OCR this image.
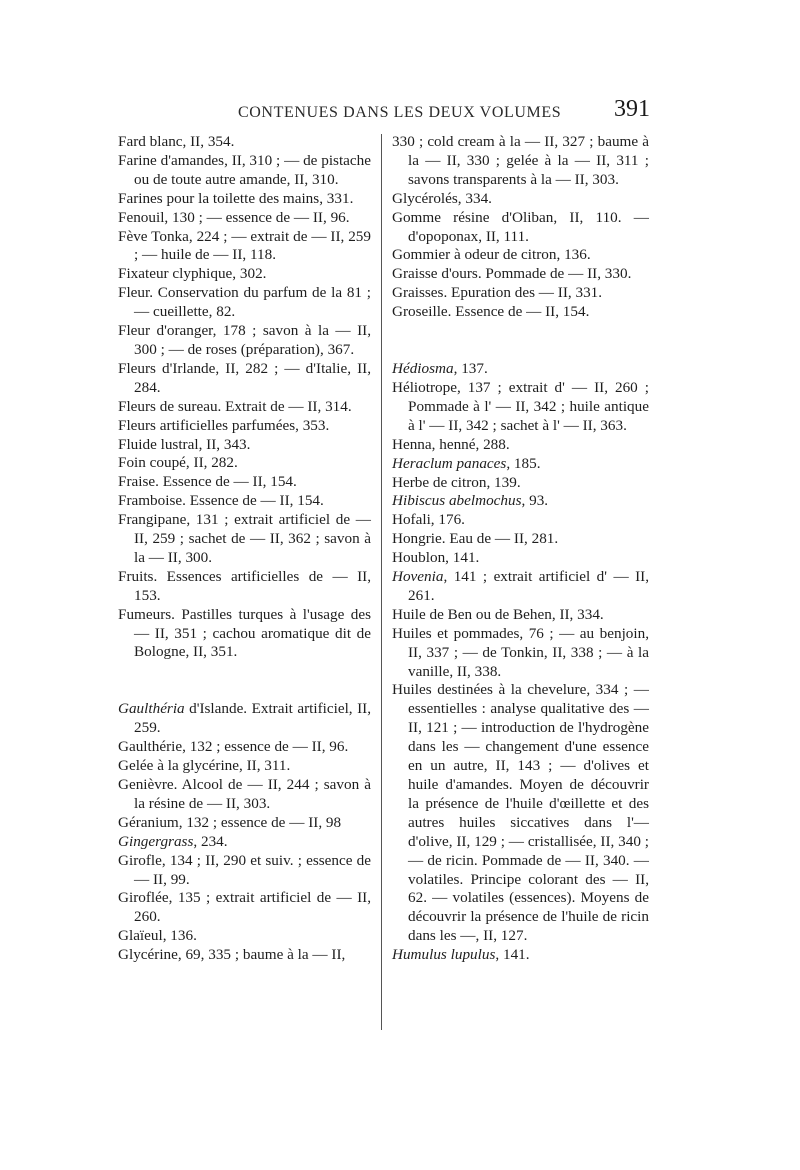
CONTENUES DANS LES DEUX VOLUMES 391

Fard blanc, II, 354.

Farine d'amandes, II, 310 ; — de pistache ou de toute autre amande, II, 310.

Farines pour la toilette des mains, 331.

Fenouil, 130 ; — essence de — II, 96.

Fève Tonka, 224 ; — extrait de — II, 259 ; — huile de — II, 118.

Fixateur clyphique, 302.

Fleur. Conservation du parfum de la 81 ; — cueillette, 82.

Fleur d'oranger, 178 ; savon à la — II, 300 ; — de roses (préparation), 367.

Fleurs d'Irlande, II, 282 ; — d'Italie, II, 284.

Fleurs de sureau. Extrait de — II, 314.

Fleurs artificielles parfumées, 353.

Fluide lustral, II, 343.

Foin coupé, II, 282.

Fraise. Essence de — II, 154.

Framboise. Essence de — II, 154.

Frangipane, 131 ; extrait artificiel de — II, 259 ; sachet de — II, 362 ; savon à la — II, 300.

Fruits. Essences artificielles de — II, 153.

Fumeurs. Pastilles turques à l'usage des — II, 351 ; cachou aromatique dit de Bologne, II, 351.

Gaulthéria d'Islande. Extrait artificiel, II, 259.

Gaulthérie, 132 ; essence de — II, 96.

Gelée à la glycérine, II, 311.

Genièvre. Alcool de — II, 244 ; savon à la résine de — II, 303.

Géranium, 132 ; essence de — II, 98

Gingergrass, 234.

Girofle, 134 ; II, 290 et suiv. ; essence de — II, 99.

Giroflée, 135 ; extrait artificiel de — II, 260.

Glaïeul, 136.

Glycérine, 69, 335 ; baume à la — II,

330 ; cold cream à la — II, 327 ; baume à la — II, 330 ; gelée à la — II, 311 ; savons transparents à la — II, 303.

Glycérolés, 334.

Gomme résine d'Oliban, II, 110. — d'opoponax, II, 111.

Gommier à odeur de citron, 136.

Graisse d'ours. Pommade de — II, 330.

Graisses. Epuration des — II, 331.

Groseille. Essence de — II, 154.

Hédiosma, 137.

Héliotrope, 137 ; extrait d' — II, 260 ; Pommade à l' — II, 342 ; huile antique à l' — II, 342 ; sachet à l' — II, 363.

Henna, henné, 288.

Heraclum panaces, 185.

Herbe de citron, 139.

Hibiscus abelmochus, 93.

Hofali, 176.

Hongrie. Eau de — II, 281.

Houblon, 141.

Hovenia, 141 ; extrait artificiel d' — II, 261.

Huile de Ben ou de Behen, II, 334.

Huiles et pommades, 76 ; — au benjoin, II, 337 ; — de Tonkin, II, 338 ; — à la vanille, II, 338.

Huiles destinées à la chevelure, 334 ; — essentielles : analyse qualitative des — II, 121 ; — introduction de l'hydrogène dans les — changement d'une essence en un autre, II, 143 ; — d'olives et huile d'amandes. Moyen de découvrir la présence de l'huile d'œillette et des autres huiles siccatives dans l'—d'olive, II, 129 ; — cristallisée, II, 340 ; — de ricin. Pommade de — II, 340. — volatiles. Principe colorant des — II, 62. — volatiles (essences). Moyens de découvrir la présence de l'huile de ricin dans les —, II, 127.

Humulus lupulus, 141.
